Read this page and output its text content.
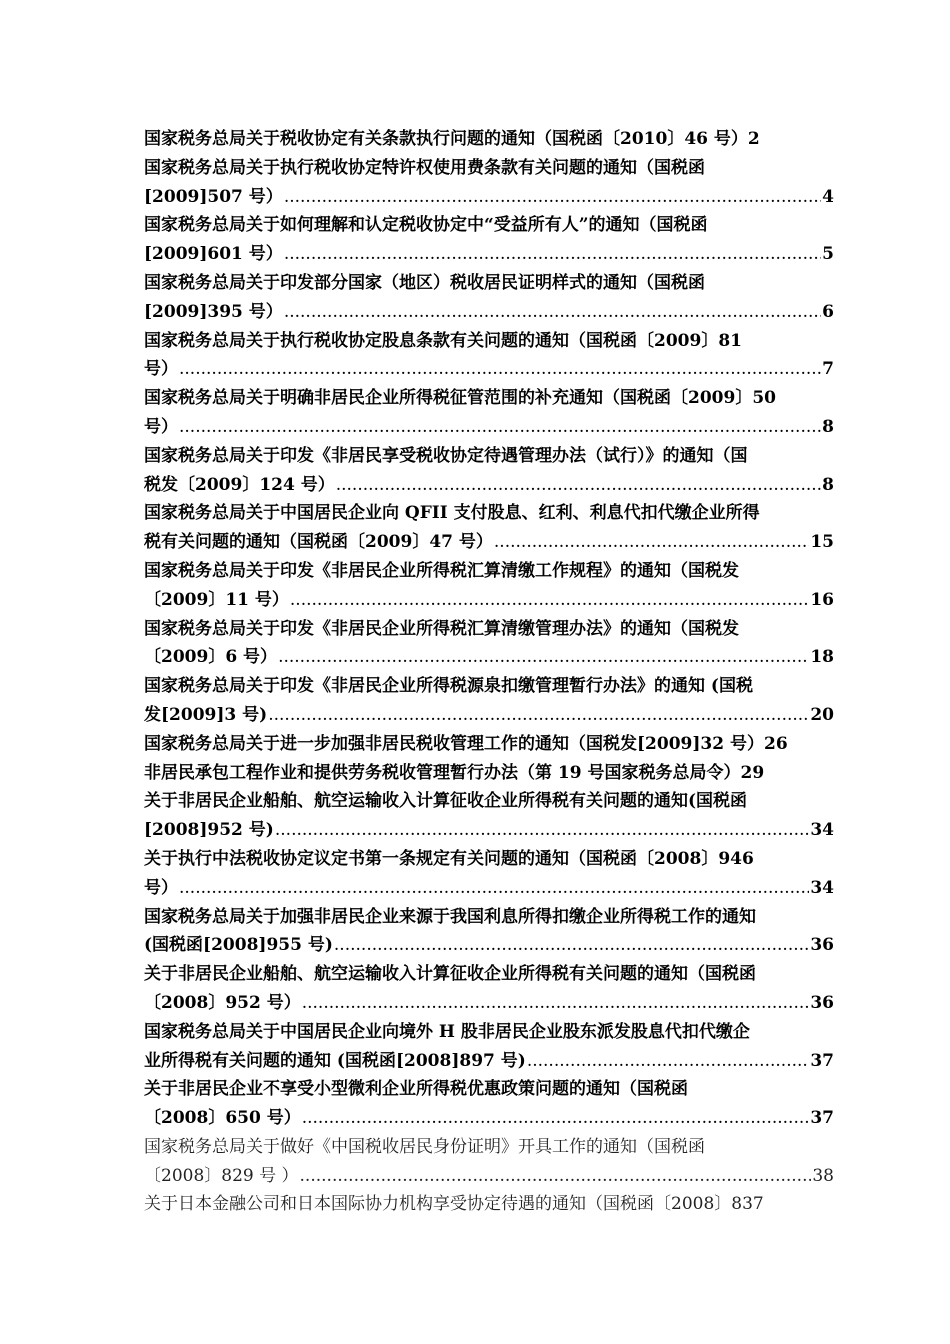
国家税务总局关于税收协定有关条款执行问题的通知（国税函〔2010〕46 号）2
国家税务总局关于执行税收协定特许权使用费条款有关问题的通知（国税函
[2009]507 号） .....	4
国家税务总局关于如何理解和认定税收协定中“受益所有人”的通知（国税函
[2009]601 号） .....	5
国家税务总局关于印发部分国家（地区）税收居民证明样式的通知（国税函
[2009]395 号） .....	6
国家税务总局关于执行税收协定股息条款有关问题的通知（国税函〔2009〕81
号） .....	7
国家税务总局关于明确非居民企业所得税征管范围的补充通知（国税函〔2009〕50
号） .....	8
国家税务总局关于印发《非居民享受税收协定待遇管理办法（试行）》的通知（国
税发〔2009〕124 号） .....	8
国家税务总局关于中国居民企业向 QFII 支付股息、红利、利息代扣代缴企业所得
税有关问题的通知（国税函〔2009〕47 号） .....	15
国家税务总局关于印发《非居民企业所得税汇算清缴工作规程》的通知（国税发
〔2009〕11 号） .....	16
国家税务总局关于印发《非居民企业所得税汇算清缴管理办法》的通知（国税发
〔2009〕6 号） .....	18
国家税务总局关于印发《非居民企业所得税源泉扣缴管理暂行办法》的通知 (国税
发[2009]3 号) .....	20
国家税务总局关于进一步加强非居民税收管理工作的通知（国税发[2009]32 号）26
非居民承包工程作业和提供劳务税收管理暂行办法（第 19 号国家税务总局令）29
关于非居民企业船舶、航空运输收入计算征收企业所得税有关问题的通知(国税函
[2008]952 号) .....	34
关于执行中法税收协定议定书第一条规定有关问题的通知（国税函〔2008〕946
号） .....	34
国家税务总局关于加强非居民企业来源于我国利息所得扣缴企业所得税工作的通知
(国税函[2008]955 号) .....	36
关于非居民企业船舶、航空运输收入计算征收企业所得税有关问题的通知（国税函
〔2008〕952 号） .....	36
国家税务总局关于中国居民企业向境外 H 股非居民企业股东派发股息代扣代缴企
业所得税有关问题的通知 (国税函[2008]897 号) .....	37
关于非居民企业不享受小型微利企业所得税优惠政策问题的通知（国税函
〔2008〕650 号） .....	37
国家税务总局关于做好《中国税收居民身份证明》开具工作的通知（国税函
〔2008〕829 号 ） .....	38
关于日本金融公司和日本国际协力机构享受协定待遇的通知（国税函〔2008〕837
